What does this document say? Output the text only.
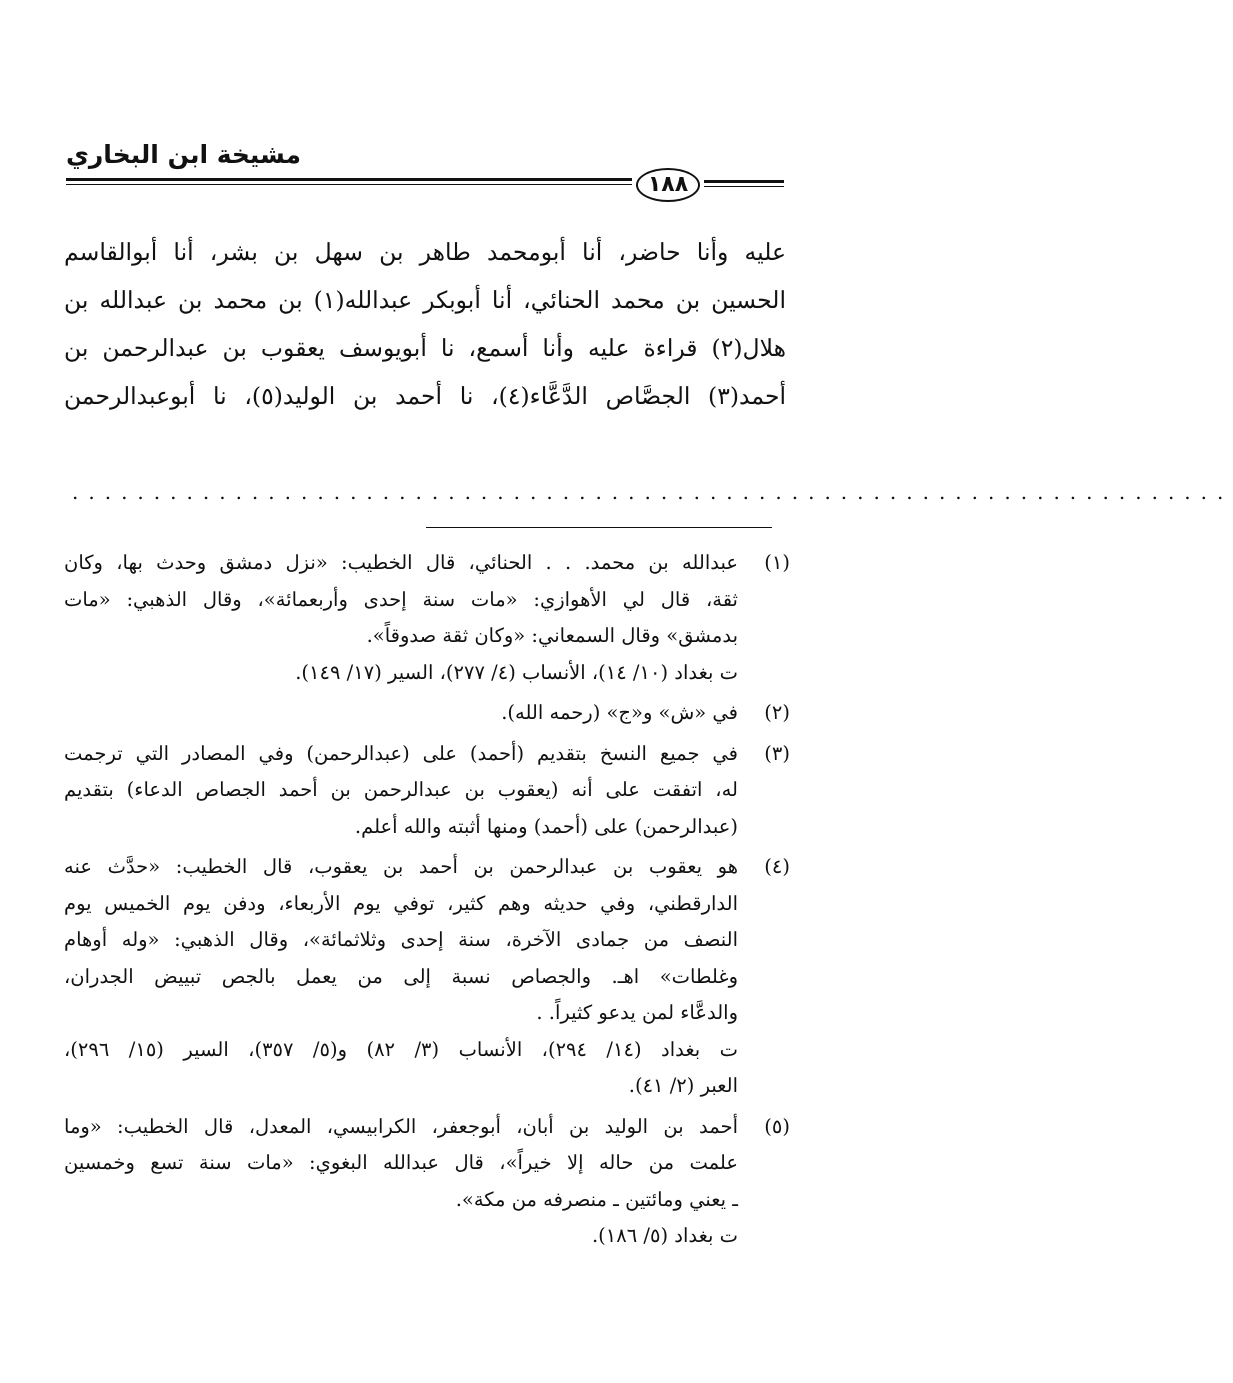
مشيخة ابن البخاري
١٨٨
عليه وأنا حاضر، أنا أبومحمد طاهر بن سهل بن بشر، أنا أبوالقاسم
الحسين بن محمد الحنائي، أنا أبوبكر عبدالله(١) بن محمد بن عبدالله بن
هلال(٢) قراءة عليه وأنا أسمع، نا أبويوسف يعقوب بن عبدالرحمن بن
أحمد(٣) الجصَّاص الدَّعَّاء(٤)، نا أحمد بن الوليد(٥)، نا أبوعبدالرحمن
.......................................................................
(١)
عبدالله بن محمد. . . الحنائي، قال الخطيب: «نزل دمشق وحدث بها، وكان
ثقة، قال لي الأهوازي: «مات سنة إحدى وأربعمائة»، وقال الذهبي: «مات
بدمشق» وقال السمعاني: «وكان ثقة صدوقاً».
ت بغداد (١٠/ ١٤)، الأنساب (٤/ ٢٧٧)، السير (١٧/ ١٤٩).
(٢)
في «ش» و«ج» (رحمه الله).
(٣)
في جميع النسخ بتقديم (أحمد) على (عبدالرحمن) وفي المصادر التي ترجمت
له، اتفقت على أنه (يعقوب بن عبدالرحمن بن أحمد الجصاص الدعاء) بتقديم
(عبدالرحمن) على (أحمد) ومنها أثبته والله أعلم.
(٤)
هو يعقوب بن عبدالرحمن بن أحمد بن يعقوب، قال الخطيب: «حدَّث عنه
الدارقطني، وفي حديثه وهم كثير، توفي يوم الأربعاء، ودفن يوم الخميس يوم
النصف من جمادى الآخرة، سنة إحدى وثلاثمائة»، وقال الذهبي: «وله أوهام
وغلطات» اهـ. والجصاص نسبة إلى من يعمل بالجص تبييض الجدران،
والدعَّاء لمن يدعو كثيراً. .
ت بغداد (١٤/ ٢٩٤)، الأنساب (٣/ ٨٢) و(٥/ ٣٥٧)، السير (١٥/ ٢٩٦)،
العبر (٢/ ٤١).
(٥)
أحمد بن الوليد بن أبان، أبوجعفر، الكرابيسي، المعدل، قال الخطيب: «وما
علمت من حاله إلا خيراً»، قال عبدالله البغوي: «مات سنة تسع وخمسين
ـ يعني ومائتين ـ منصرفه من مكة».
ت بغداد (٥/ ١٨٦).
